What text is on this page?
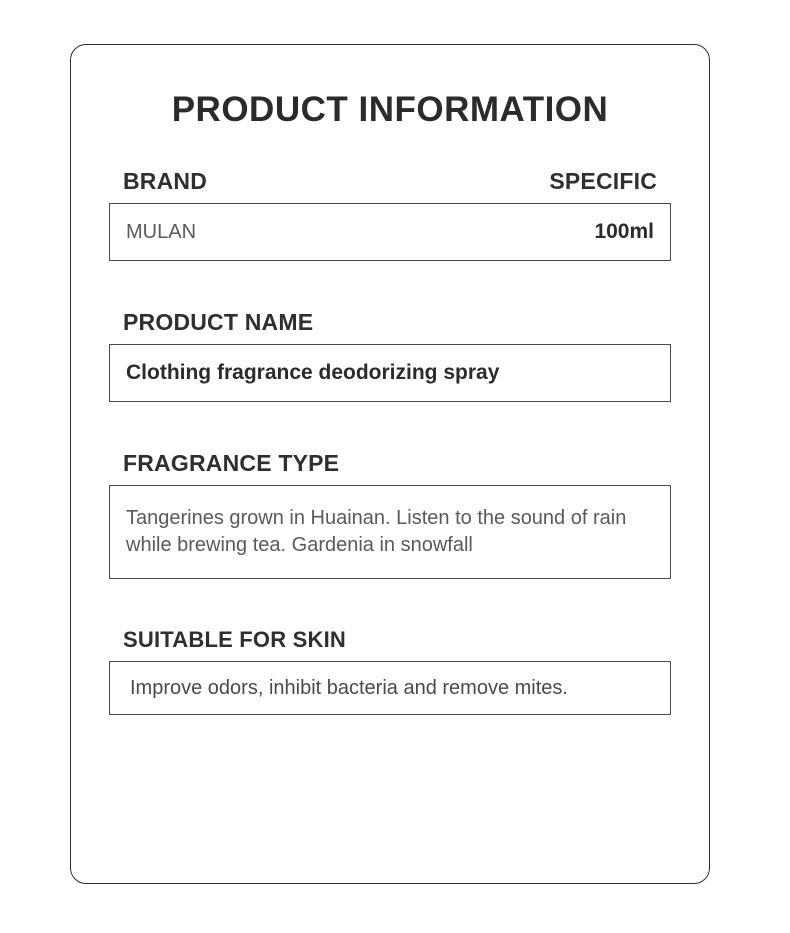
PRODUCT INFORMATION
BRAND	SPECIFIC
MULAN	100ml
PRODUCT NAME
Clothing fragrance deodorizing spray
FRAGRANCE TYPE
Tangerines grown in Huainan. Listen to the sound of rain while brewing tea. Gardenia in snowfall
SUITABLE FOR SKIN
Improve odors, inhibit bacteria and remove mites.
